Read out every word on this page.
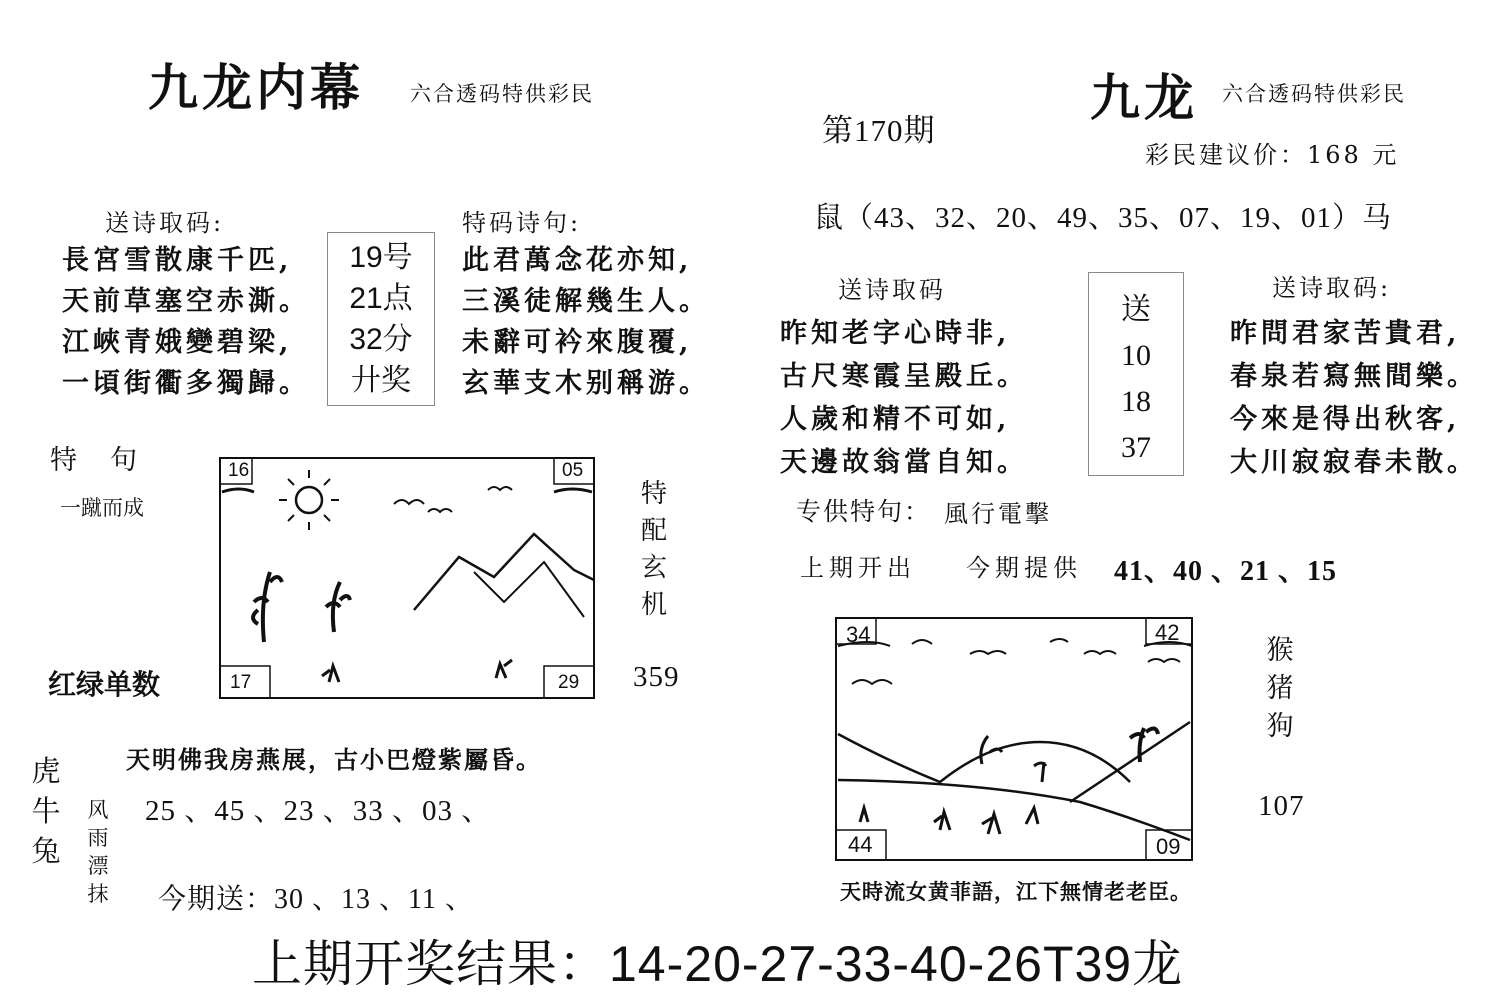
九龙内幕 六合透码特供彩民
送诗取码:
長宮雪散康千匹,
天前草塞空赤澌。
江峽青娥變碧梁,
一頃街衢多獨歸。
19号
21点
32分
廾奖
特码诗句:
此君萬念花亦知,
三溪徒解幾生人。
未辭可衿來腹覆,
玄華支木别稱游。
特　句
一蹴而成
16	05
17	29
特
配
玄
机
红绿单数	359
虎
牛
兔
天明佛我房燕展，古小巴燈紫屬昏。
25 、45 、23 、33 、03 、
风
雨
漂
抹 今期送：30 、13 、11 、
九龙 六合透码特供彩民
第170期
彩民建议价：168 元
鼠（43、32、20、49、35、07、19、01）马
送诗取码
昨知老字心時非,
古尺寒霞呈殿丘。
人歲和精不可如,
天邊故翁當自知。
送
10
18
37
送诗取码:
昨問君家苦貴君,
春泉若寫無間樂。
今來是得出秋客,
大川寂寂春未散。
专供特句： 風行電擊
上期开出 今期提供 41、40 、21 、15
34	42
44	09
猴
猪
狗
107
天時流女黄菲語，江下無情老老臣。
上期开奖结果：14-20-27-33-40-26T39龙
